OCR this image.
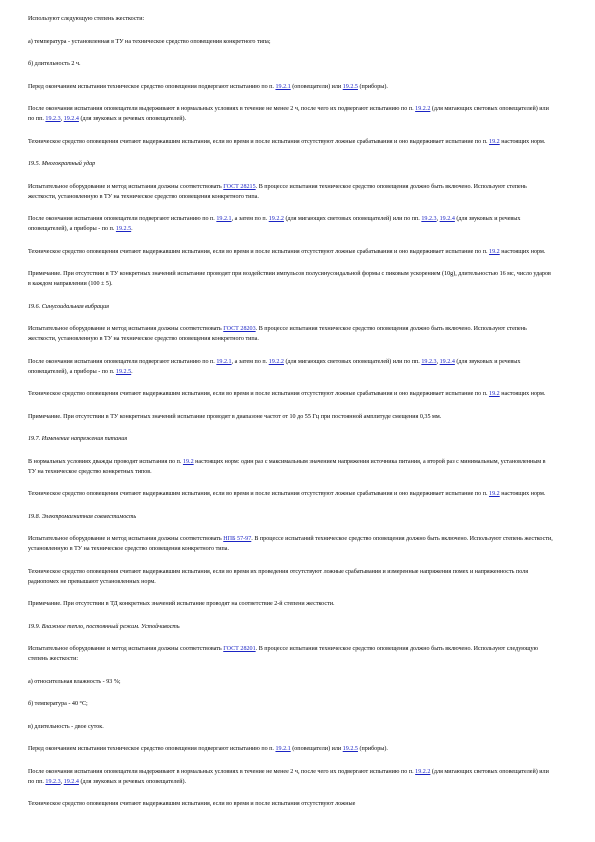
Используют следующую степень жесткости:

а) температура - установленная в ТУ на техническое средство оповещения конкретного типа;

б) длительность 2 ч.

Перед окончанием испытания техническое средство оповещения подвергают испытанию по п. 19.2.1 (оповещатели) или 19.2.5 (приборы).

После окончания испытания оповещатели выдерживают в нормальных условиях в течение не менее 2 ч, после чего их подвергают испытанию по п. 19.2.2 (для мигающих световых оповещателей) или по пп. 19.2.3, 19.2.4 (для звуковых и речевых оповещателей).

Техническое средство оповещения считают выдержавшим испытания, если во время и после испытания отсутствуют ложные срабатывания и оно выдерживает испытание по п. 19.2 настоящих норм.

19.5. Многократный удар

Испытательное оборудование и метод испытания должны соответствовать ГОСТ 28215. В процессе испытания техническое средство оповещения должно быть включено. Используют степень жесткости, установленную в ТУ на техническое средство оповещения конкретного типа.

После окончания испытания оповещатели подвергают испытанию по п. 19.2.1, а затем по п. 19.2.2 (для мигающих световых оповещателей) или по пп. 19.2.3, 19.2.4 (для звуковых и речевых оповещателей), а приборы - по п. 19.2.5.

Техническое средство оповещения считают выдержавшим испытания, если во время и после испытания отсутствуют ложные срабатывания и оно выдерживает испытание по п. 19.2 настоящих норм.

Примечание. При отсутствии в ТУ конкретных значений испытание проводят при воздействии импульсов полусинусоидальной формы с пиковым ускорением (10g), длительностью 16 мс, число ударов в каждом направлении (100 ± 5).

19.6. Синусоидальная вибрация

Испытательное оборудование и метод испытания должны соответствовать ГОСТ 28203. В процессе испытания техническое средство оповещения должно быть включено. Используют степень жесткости, установленную в ТУ на техническое средство оповещения конкретного типа.

После окончания испытания оповещатели подвергают испытанию по п. 19.2.1, а затем по п. 19.2.2 (для мигающих световых оповещателей) или по пп. 19.2.3, 19.2.4 (для звуковых и речевых оповещателей), а приборы - по п. 19.2.5.

Техническое средство оповещения считают выдержавшим испытания, если во время и после испытания отсутствуют ложные срабатывания и оно выдерживает испытание по п. 19.2 настоящих норм.

Примечание. При отсутствии в ТУ конкретных значений испытание проводят в диапазоне частот от 10 до 55 Гц при постоянной амплитуде смещения 0,35 мм.

19.7. Изменение напряжения питания

В нормальных условиях дважды проводят испытания по п. 19.2 настоящих норм: один раз с максимальным значением напряжения источника питания, а второй раз с минимальным, установленным в ТУ на техническое средство конкретных типов.

Техническое средство оповещения считают выдержавшим испытания, если во время и после испытания отсутствуют ложные срабатывания и оно выдерживает испытание по п. 19.2 настоящих норм.

19.8. Электромагнитная совместимость

Испытательное оборудование и метод испытания должны соответствовать НПБ 57-97. В процессе испытаний техническое средство оповещения должно быть включено. Используют степень жесткости, установленную в ТУ на техническое средство оповещения конкретного типа.

Техническое средство оповещения считают выдержавшим испытания, если во время их проведения отсутствуют ложные срабатывания и измеренные напряжения помех и напряженность поля радиопомех не превышают установленных норм.

Примечание. При отсутствии в ТД конкретных значений испытание проводят на соответствие 2-й степени жесткости.

19.9. Влажное тепло, постоянный режим. Устойчивость

Испытательное оборудование и метод испытания должны соответствовать ГОСТ 28201. В процессе испытания техническое средство оповещения должно быть включено. Используют следующую степень жесткости:

а) относительная влажность - 93 %;

б) температура - 40 °С;

в) длительность - двое суток.

Перед окончанием испытания техническое средство оповещения подвергают испытанию по п. 19.2.1 (оповещатели) или 19.2.5 (приборы).

После окончания испытания оповещатели выдерживают в нормальных условиях в течение не менее 2 ч, после чего их подвергают испытанию по п. 19.2.2 (для мигающих световых оповещателей) или по пп. 19.2.3, 19.2.4 (для звуковых и речевых оповещателей).

Техническое средство оповещения считают выдержавшим испытания, если во время и после испытания отсутствуют ложные
